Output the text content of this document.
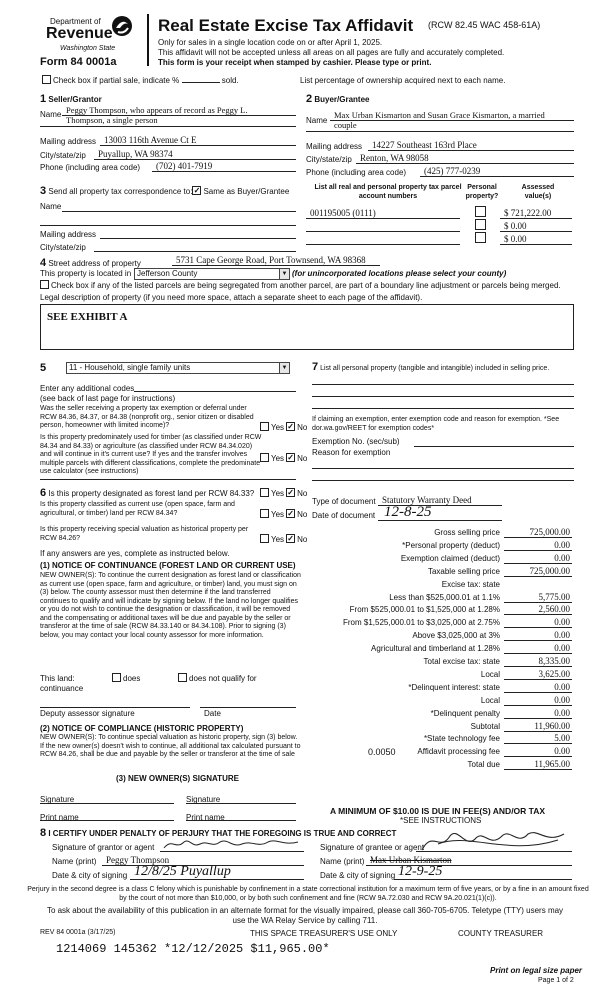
Department of
Revenue
Washington State
Form 84 0001a
Real Estate Excise Tax Affidavit (RCW 82.45 WAC 458-61A)
Only for sales in a single location code on or after April 1, 2025.
This affidavit will not be accepted unless all areas on all pages are fully and accurately completed.
This form is your receipt when stamped by cashier. Please type or print.
Check box if partial sale, indicate %	sold.	List percentage of ownership acquired next to each name.
1 Seller/Grantor
Name Peggy Thompson, who appears of record as Peggy L.
Thompson, a single person
Mailing address 13003 116th Avenue Ct E
City/state/zip Puyallup, WA 98374
Phone (including area code) (702) 401-7919
2 Buyer/Grantee
Name
Max Urban Kismarton and Susan Grace Kismarton, a married
couple
Mailing address 14227 Southeast 163rd Place
City/state/zip Renton, WA 98058
Phone (including area code) (425) 777-0239
3 Send all property tax correspondence to:✓ Same as Buyer/Grantee
Name
Mailing address
City/state/zip
List all real and personal property tax parcel account numbers
Personal property?
Assessed value(s)
001195005 (0111)	$ 721,222.00
$ 0.00
$ 0.00
4 Street address of property	5731 Cape George Road, Port Townsend, WA 98368
This property is located in Jefferson County	▼ (for unincorporated locations please select your county)
Check box if any of the listed parcels are being segregated from another parcel, are part of a boundary line adjustment or parcels being merged.
Legal description of property (if you need more space, attach a separate sheet to each page of the affidavit).
SEE EXHIBIT A
5	11 - Household, single family units	▼
Enter any additional codes
(see back of last page for instructions)
Was the seller receiving a property tax exemption or deferral under RCW 84.36, 84.37, or 84.38 (nonprofit org., senior citizen or disabled person, homeowner with limited income)?	Yes ✓ No
Is this property predominately used for timber (as classified under RCW 84.34 and 84.33) or agriculture (as classified under RCW 84.34.020) and will continue in it's current use? If yes and the transfer involves multiple parcels with different classifications, complete the predominate use calculator (see instructions)
Yes ✓ No
6 Is this property designated as forest land per RCW 84.33?	Yes ✓ No
Is this property classified as current use (open space, farm and agricultural, or timber) land per RCW 84.34?	Yes ✓ No
Is this property receiving special valuation as historical property per RCW 84.26?	Yes ✓ No
If any answers are yes, complete as instructed below.
(1) NOTICE OF CONTINUANCE (FOREST LAND OR CURRENT USE)
NEW OWNER(S): To continue the current designation as forest land or classification as current use (open space, farm and agriculture, or timber) land, you must sign on (3) below. The county assessor must then determine if the land transferred continues to qualify and will indicate by signing below. If the land no longer qualifies or you do not wish to continue the designation or classification, it will be removed and the compensating or additional taxes will be due and payable by the seller or transferor at the time of sale (RCW 84.33.140 or 84.34.108). Prior to signing (3) below, you may contact your local county assessor for more information.
This land:	does	does not qualify for
continuance
Deputy assessor signature	Date
(2) NOTICE OF COMPLIANCE (HISTORIC PROPERTY)
NEW OWNER(S): To continue special valuation as historic property, sign (3) below. If the new owner(s) doesn't wish to continue, all additional tax calculated pursuant to RCW 84.26, shall be due and payable by the seller or transferor at the time of sale
(3) NEW OWNER(S) SIGNATURE
Signature	Signature
Print name	Print name
7 List all personal property (tangible and intangible) included in selling price.
If claiming an exemption, enter exemption code and reason for exemption. *See dor.wa.gov/REET for exemption codes*
Exemption No. (sec/sub)
Reason for exemption
Type of document Statutory Warranty Deed
Date of document 12-8-25
Gross selling price	725,000.00
*Personal property (deduct)	0.00
Exemption claimed (deduct)	0.00
Taxable selling price	725,000.00
Excise tax: state
Less than $525,000.01 at 1.1%	5,775.00
From $525,000.01 to $1,525,000 at 1.28%	2,560.00
From $1,525,000.01 to $3,025,000 at 2.75%	0.00
Above $3,025,000 at 3%	0.00
Agricultural and timberland at 1.28%	0.00
Total excise tax: state	8,335.00
Local	3,625.00
*Delinquent interest: state	0.00
Local	0.00
*Delinquent penalty	0.00
Subtotal	11,960.00
*State technology fee	5.00
Affidavit processing fee	0.00
Total due	11,965.00
0.0050
A MINIMUM OF $10.00 IS DUE IN FEE(S) AND/OR TAX
*SEE INSTRUCTIONS
8 I CERTIFY UNDER PENALTY OF PERJURY THAT THE FOREGOING IS TRUE AND CORRECT
Signature of grantor or agent
Name (print) Peggy Thompson
Date & city of signing 12/8/25 Puyallup
Signature of grantee or agent
Name (print) Max Urban Kismarton
Date & city of signing 12-9-25
Perjury in the second degree is a class C felony which is punishable by confinement in a state correctional institution for a maximum term of five years, or by a fine in an amount fixed by the court of not more than $10,000, or by both such confinement and fine (RCW 9A.72.030 and RCW 9A.20.021(1)(c)).
To ask about the availability of this publication in an alternate format for the visually impaired, please call 360-705-6705. Teletype (TTY) users may use the WA Relay Service by calling 711.
REV 84 0001a (3/17/25)	THIS SPACE TREASURER'S USE ONLY	COUNTY TREASURER
1214069 145362 *12/12/2025 $11,965.00*
Print on legal size paper
Page 1 of 2
